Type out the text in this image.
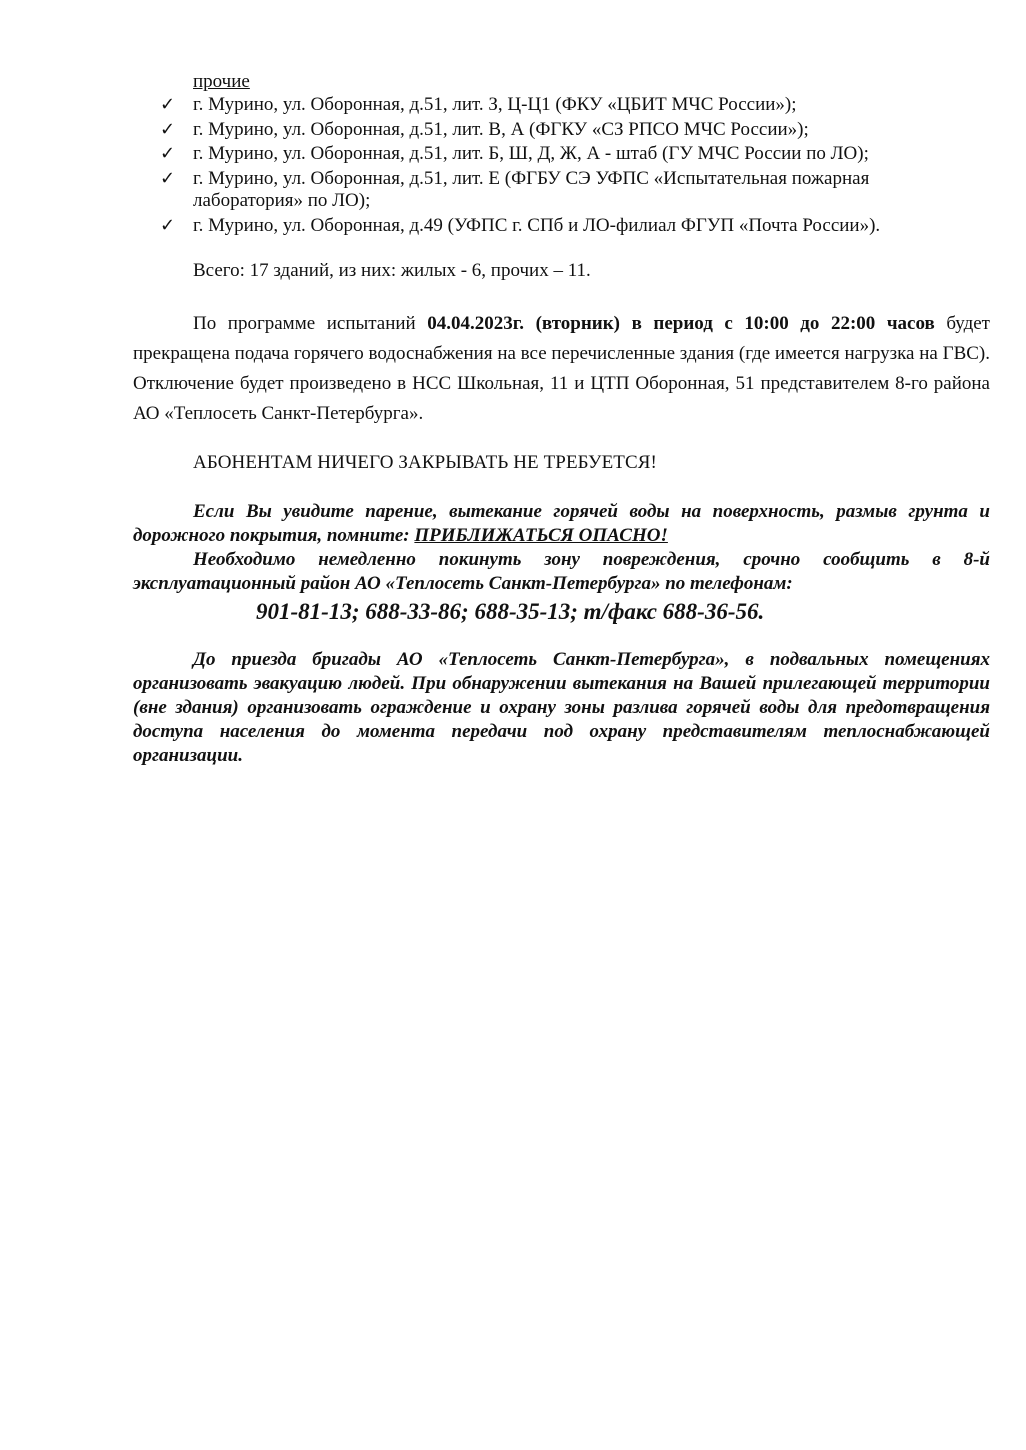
прочие
✓ г. Мурино, ул. Оборонная, д.51, лит. З, Ц-Ц1 (ФКУ «ЦБИТ МЧС России»);
✓ г. Мурино, ул. Оборонная, д.51, лит. В, А (ФГКУ «СЗ РПСО МЧС России»);
✓ г. Мурино, ул. Оборонная, д.51, лит. Б, Ш, Д, Ж, А - штаб (ГУ МЧС России по ЛО);
✓ г. Мурино, ул. Оборонная, д.51, лит. Е (ФГБУ СЭ УФПС «Испытательная пожарная лаборатория» по ЛО);
✓ г. Мурино, ул. Оборонная, д.49 (УФПС г. СПб и ЛО-филиал ФГУП «Почта России»).
Всего: 17 зданий, из них: жилых - 6, прочих – 11.

По программе испытаний 04.04.2023г. (вторник) в период с 10:00 до 22:00 часов будет прекращена подача горячего водоснабжения на все перечисленные здания (где имеется нагрузка на ГВС). Отключение будет произведено в НСС Школьная, 11 и ЦТП Оборонная, 51 представителем 8-го района АО «Теплосеть Санкт-Петербурга».

АБОНЕНТАМ НИЧЕГО ЗАКРЫВАТЬ НЕ ТРЕБУЕТСЯ!

Если Вы увидите парение, вытекание горячей воды на поверхность, размыв грунта и дорожного покрытия, помните: ПРИБЛИЖАТЬСЯ ОПАСНО!

Необходимо немедленно покинуть зону повреждения, срочно сообщить в 8-й эксплуатационный район АО «Теплосеть Санкт-Петербурга» по телефонам:

901-81-13; 688-33-86; 688-35-13; т/факс 688-36-56.

До приезда бригады АО «Теплосеть Санкт-Петербурга», в подвальных помещениях организовать эвакуацию людей. При обнаружении вытекания на Вашей прилегающей территории (вне здания) организовать ограждение и охрану зоны разлива горячей воды для предотвращения доступа населения до момента передачи под охрану представителям теплоснабжающей организации.
